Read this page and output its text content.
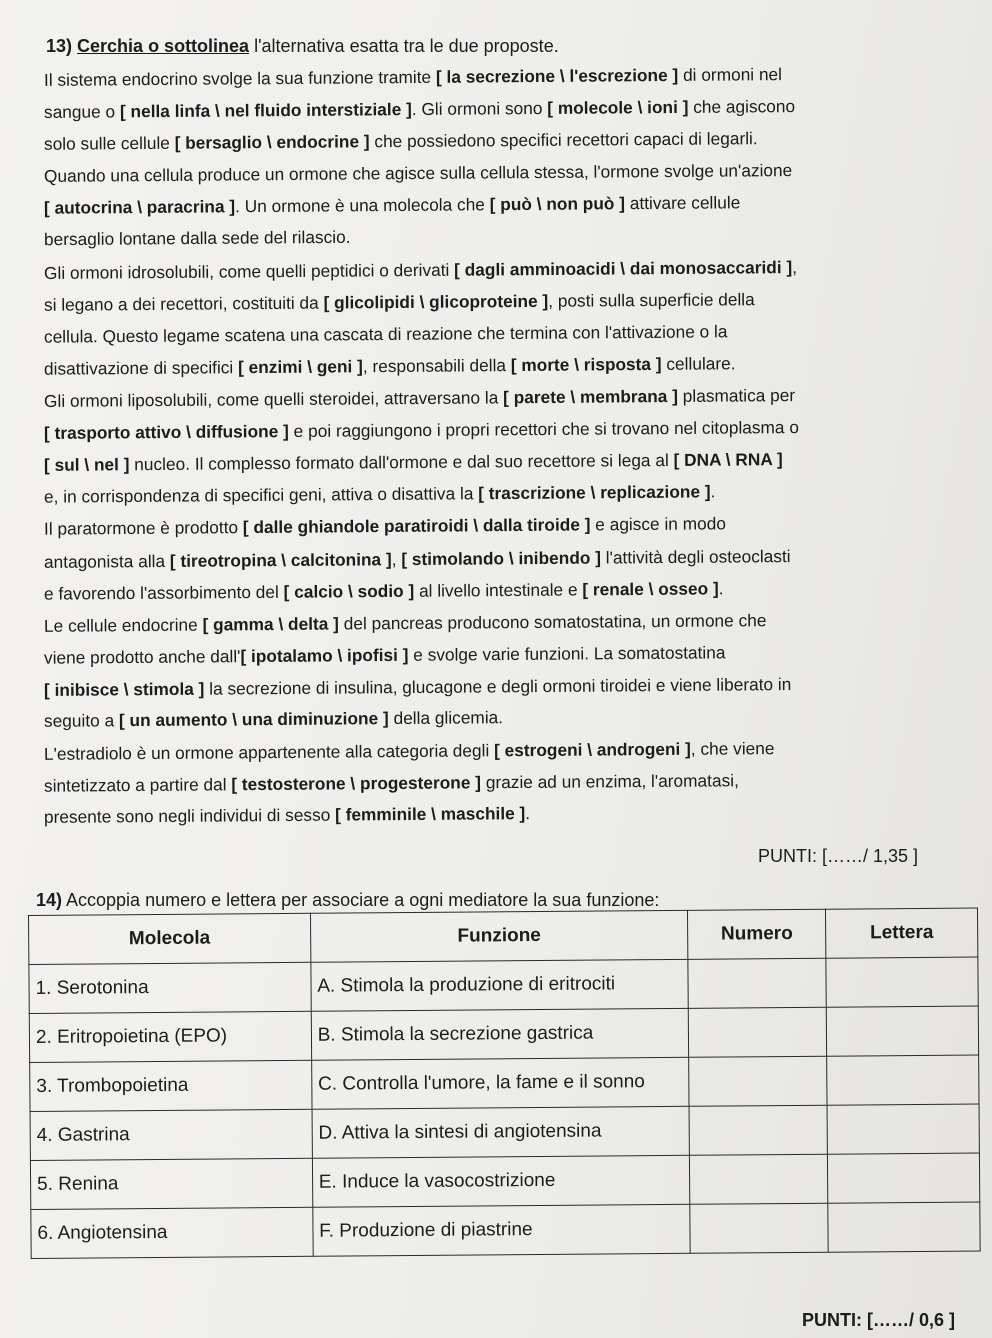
13) Cerchia o sottolinea l'alternativa esatta tra le due proposte.
Il sistema endocrino svolge la sua funzione tramite [ la secrezione \ l'escrezione ] di ormoni nel
sangue o [ nella linfa \ nel fluido interstiziale ]. Gli ormoni sono [ molecole \ ioni ] che agiscono
solo sulle cellule [ bersaglio \ endocrine ] che possiedono specifici recettori capaci di legarli.
Quando una cellula produce un ormone che agisce sulla cellula stessa, l'ormone svolge un'azione
[ autocrina \ paracrina ]. Un ormone è una molecola che [ può \ non può ] attivare cellule
bersaglio lontane dalla sede del rilascio.
Gli ormoni idrosolubili, come quelli peptidici o derivati [ dagli amminoacidi \ dai monosaccaridi ],
si legano a dei recettori, costituiti da [ glicolipidi \ glicoproteine ], posti sulla superficie della
cellula. Questo legame scatena una cascata di reazione che termina con l'attivazione o la
disattivazione di specifici [ enzimi \ geni ], responsabili della [ morte \ risposta ] cellulare.
Gli ormoni liposolubili, come quelli steroidei, attraversano la [ parete \ membrana ] plasmatica per
[ trasporto attivo \ diffusione ] e poi raggiungono i propri recettori che si trovano nel citoplasma o
[ sul \ nel ] nucleo. Il complesso formato dall'ormone e dal suo recettore si lega al [ DNA \ RNA ]
e, in corrispondenza di specifici geni, attiva o disattiva la [ trascrizione \ replicazione ].
Il paratormone è prodotto [ dalle ghiandole paratiroidi \ dalla tiroide ] e agisce in modo
antagonista alla [ tireotropina \ calcitonina ], [ stimolando \ inibendo ] l'attività degli osteoclasti
e favorendo l'assorbimento del [ calcio \ sodio ] al livello intestinale e [ renale \ osseo ].
Le cellule endocrine [ gamma \ delta ] del pancreas producono somatostatina, un ormone che
viene prodotto anche dall'[ ipotalamo \ ipofisi ] e svolge varie funzioni. La somatostatina
[ inibisce \ stimola ] la secrezione di insulina, glucagone e degli ormoni tiroidei e viene liberato in
seguito a [ un aumento \ una diminuzione ] della glicemia.
L'estradiolo è un ormone appartenente alla categoria degli [ estrogeni \ androgeni ], che viene
sintetizzato a partire dal [ testosterone \ progesterone ] grazie ad un enzima, l'aromatasi,
presente sono negli individui di sesso [ femminile \ maschile ].
PUNTI: [……/ 1,35 ]
14) Accoppia numero e lettera per associare a ogni mediatore la sua funzione:
Molecola	Funzione	Numero	Lettera
1. Serotonina	A. Stimola la produzione di eritrociti		
2. Eritropoietina (EPO)	B. Stimola la secrezione gastrica		
3. Trombopoietina	C. Controlla l'umore, la fame e il sonno		
4. Gastrina	D. Attiva la sintesi di angiotensina		
5. Renina	E. Induce la vasocostrizione		
6. Angiotensina	F. Produzione di piastrine		
PUNTI: [……/ 0,6 ]
